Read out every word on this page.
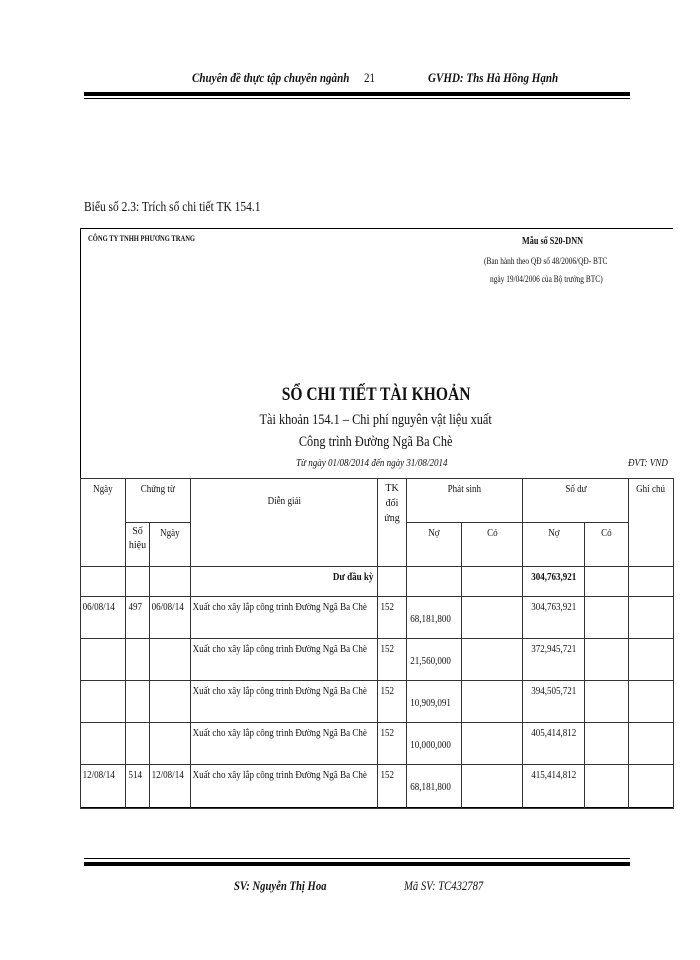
Chuyên đề thực tập chuyên ngành 21	GVHD: Ths Hà Hồng Hạnh
Biểu số 2.3: Trích sổ chi tiết TK 154.1
CÔNG TY TNHH PHƯƠNG TRANG	Mẫu số S20-DNN
(Ban hành theo QĐ số 48/2006/QĐ- BTC
ngày 19/04/2006 của Bộ trưởng BTC)
SỔ CHI TIẾT TÀI KHOẢN
Tài khoản 154.1 – Chi phí nguyên vật liệu xuất
Công trình Đường Ngã Ba Chè
Từ ngày 01/08/2014 đến ngày 31/08/2014	ĐVT: VND
Ngày	Chứng từ		Diễn giải	TK đối ứng	Phát sinh		Số dư		Ghi chú

	Số hiệu	Ngày			Nợ	Có	Nợ	Có	
			Dư đầu kỳ				304,763,921		

06/08/14	497	06/08/14	Xuất cho xây lắp công trình Đường Ngã Ba Chè	152	68,181,800		304,763,921		

			Xuất cho xây lắp công trình Đường Ngã Ba Chè	152	21,560,000		372,945,721		

			Xuất cho xây lắp công trình Đường Ngã Ba Chè	152	10,909,091		394,505,721		

			Xuất cho xây lắp công trình Đường Ngã Ba Chè	152	10,000,000		405,414,812		

12/08/14	514	12/08/14	Xuất cho xây lắp công trình Đường Ngã Ba Chè	152	68,181,800		415,414,812		

SV: Nguyễn Thị Hoa	Mã SV: TC432787
